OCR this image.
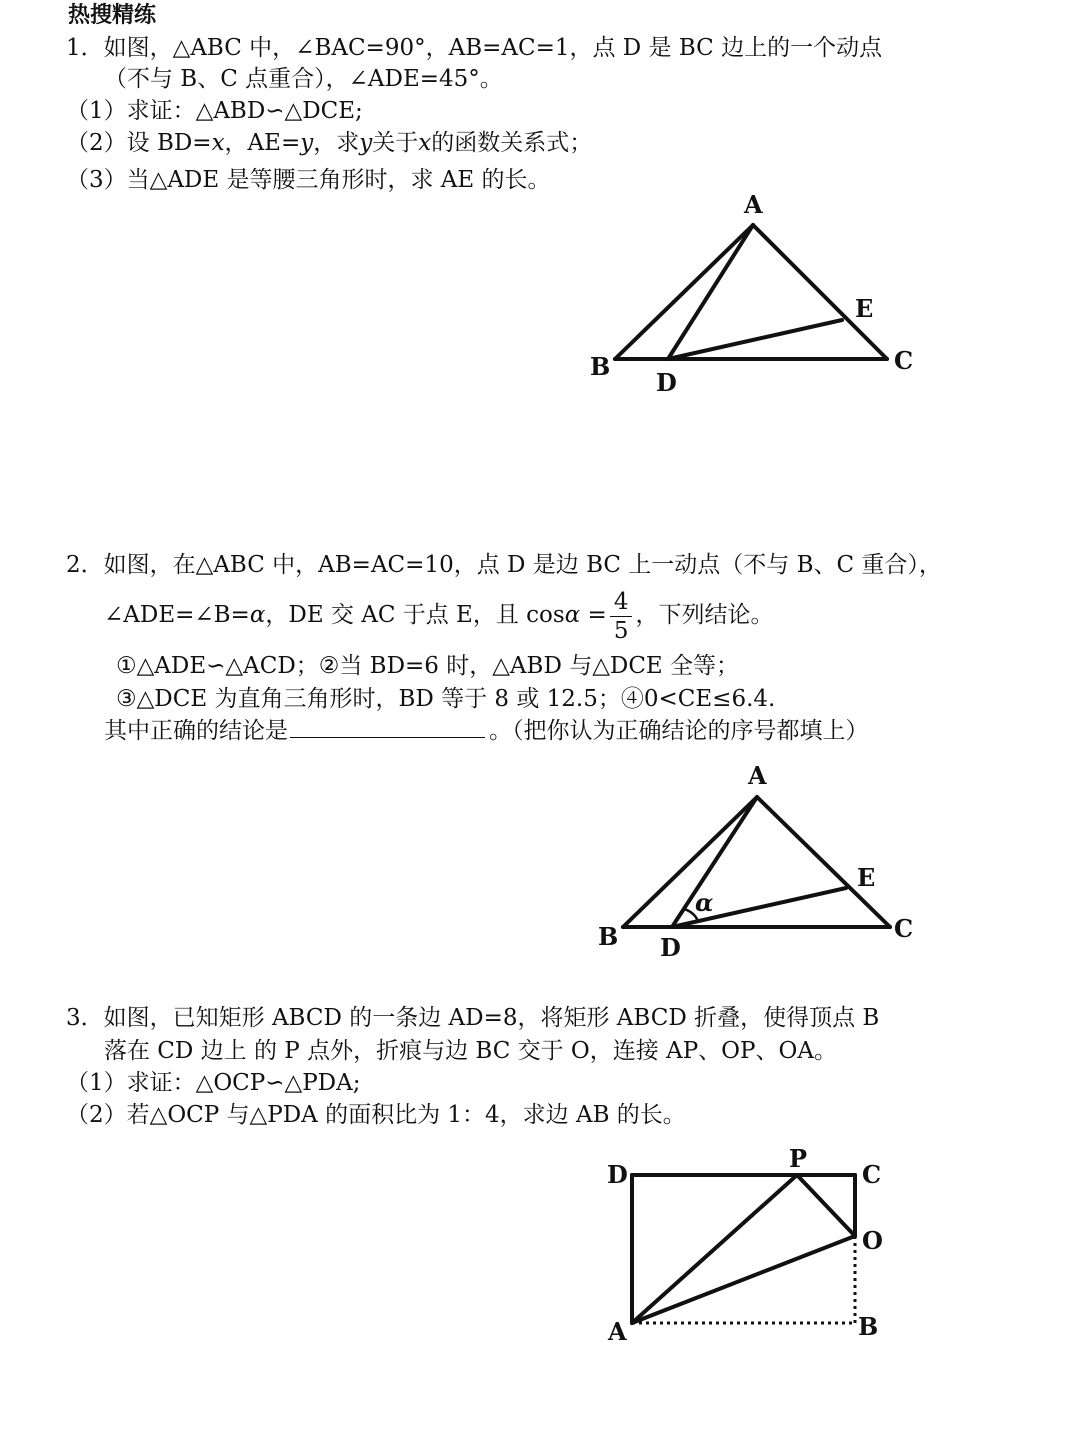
热搜精练
1．如图，△ABC 中，∠BAC=90°，AB=AC=1，点 D 是 BC 边上的一个动点
（不与 B、C 点重合），∠ADE=45°。
（1）求证：△ABD∽△DCE;
（2）设 BD=x，AE=y，求y关于x的函数关系式；
（3）当△ADE 是等腰三角形时，求 AE 的长。
A
B	C
D
E
2．如图，在△ABC 中，AB=AC=10，点 D 是边 BC 上一动点（不与 B、C 重合），
∠ADE=∠B=α，DE 交 AC 于点 E，且 $\cos\alpha = \frac{4}{5}$ ，下列结论。
①△ADE∽△ACD；②当 BD=6 时，△ABD 与△DCE 全等；
③△DCE 为直角三角形时，BD 等于 8 或 12.5；④0<CE≤6.4.
其中正确的结论是	。（把你认为正确结论的序号都填上）
α
A
B	C
D
E
3．如图，已知矩形 ABCD 的一条边 AD=8，将矩形 ABCD 折叠，使得顶点 B
落在 CD 边上 的 P 点外，折痕与边 BC 交于 O，连接 AP、OP、OA。
（1）求证：△OCP∽△PDA;
（2）若△OCP 与△PDA 的面积比为 1：4，求边 AB 的长。
D
P
C
O
A	B
